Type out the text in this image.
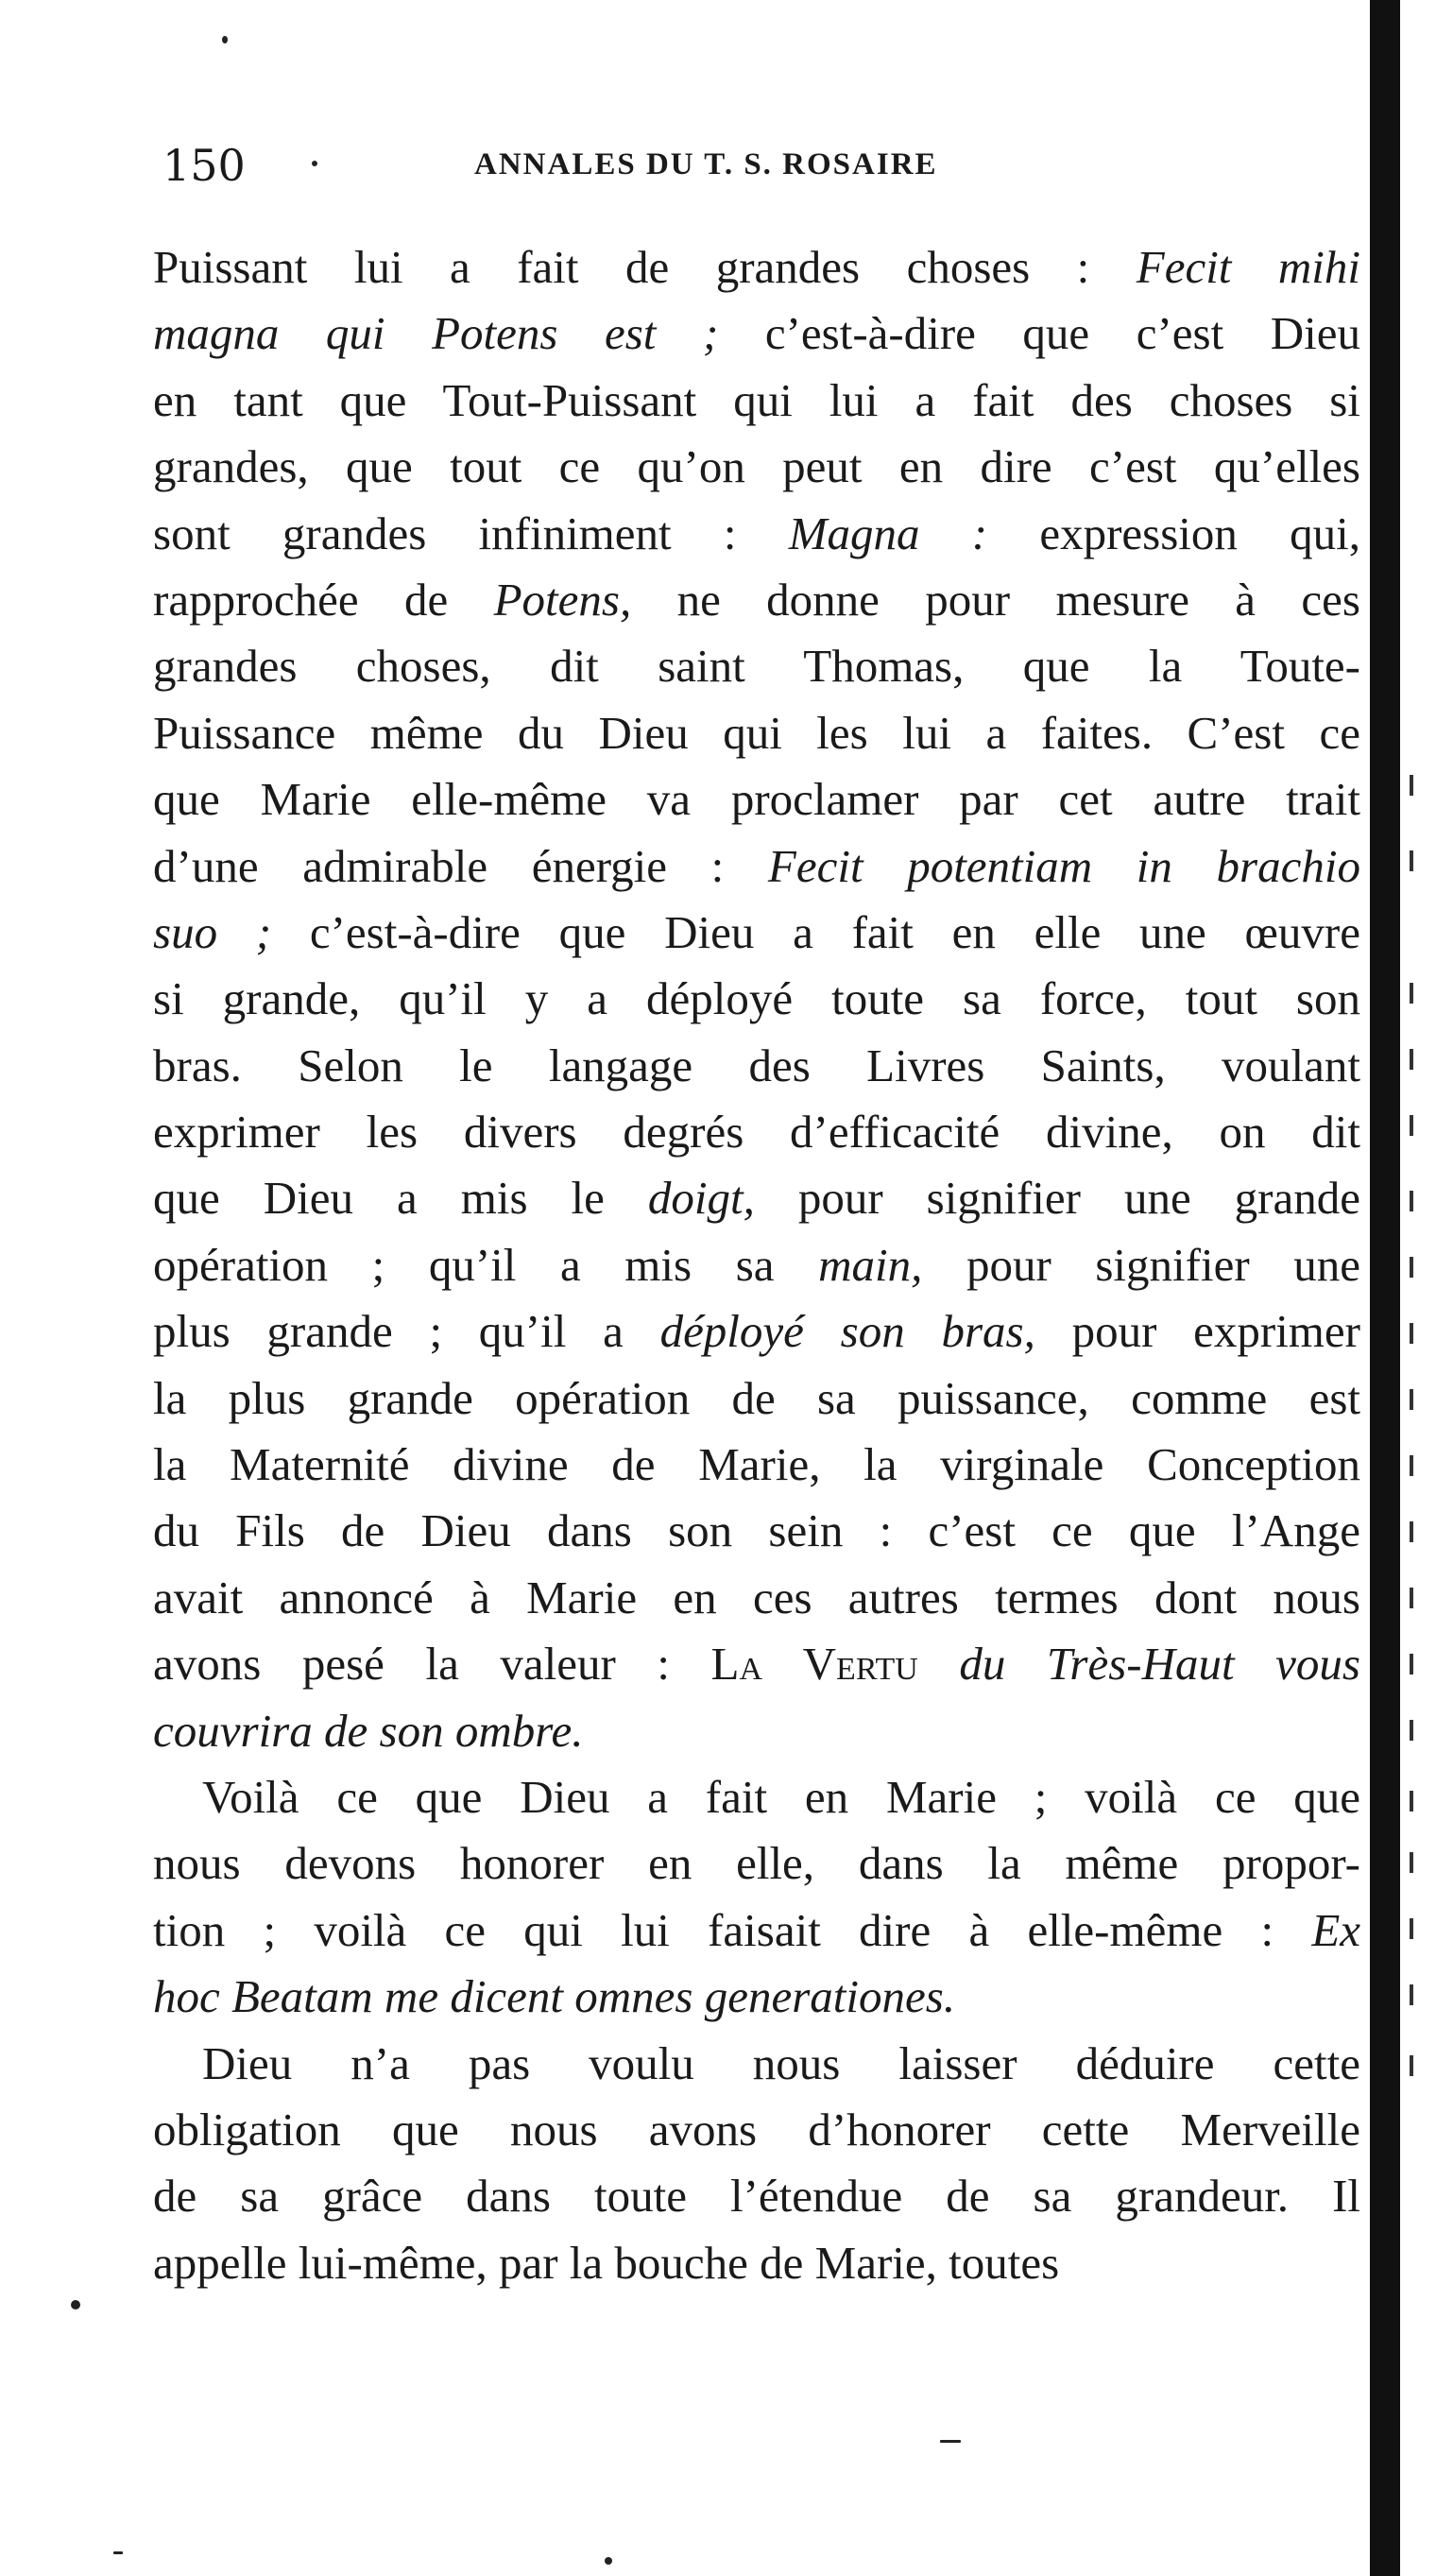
150	ANNALES DU T. S. ROSAIRE
Puissant lui a fait de grandes choses : Fecit mihi
magna qui Potens est ; c’est-à-dire que c’est Dieu
en tant que Tout-Puissant qui lui a fait des choses si
grandes, que tout ce qu’on peut en dire c’est qu’elles
sont grandes infiniment : Magna : expression qui,
rapprochée de Potens, ne donne pour mesure à ces
grandes choses, dit saint Thomas, que la Toute-
Puissance même du Dieu qui les lui a faites. C’est ce
que Marie elle-même va proclamer par cet autre trait
d’une admirable énergie : Fecit potentiam in brachio
suo ; c’est-à-dire que Dieu a fait en elle une œuvre
si grande, qu’il y a déployé toute sa force, tout son
bras. Selon le langage des Livres Saints, voulant
exprimer les divers degrés d’efficacité divine, on dit
que Dieu a mis le doigt, pour signifier une grande
opération ; qu’il a mis sa main, pour signifier une
plus grande ; qu’il a déployé son bras, pour exprimer
la plus grande opération de sa puissance, comme est
la Maternité divine de Marie, la virginale Conception
du Fils de Dieu dans son sein : c’est ce que l’Ange
avait annoncé à Marie en ces autres termes dont nous
avons pesé la valeur : La Vertu du Très-Haut vous
couvrira de son ombre.
Voilà ce que Dieu a fait en Marie ; voilà ce que
nous devons honorer en elle, dans la même propor-
tion ; voilà ce qui lui faisait dire à elle-même : Ex
hoc Beatam me dicent omnes generationes.
Dieu n’a pas voulu nous laisser déduire cette
obligation que nous avons d’honorer cette Merveille
de sa grâce dans toute l’étendue de sa grandeur. Il
appelle lui-même, par la bouche de Marie, toutes
